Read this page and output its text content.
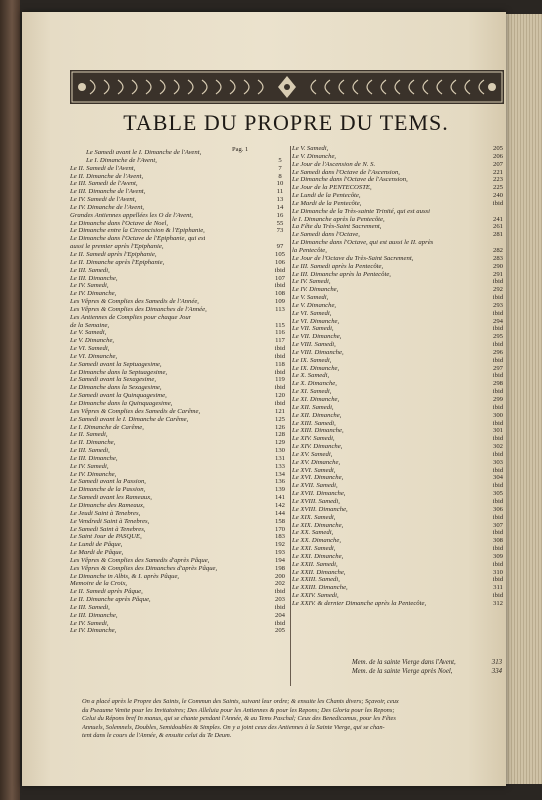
TABLE DU PROPRE DU TEMS.
Pag. 1
Le Samedi avant le I. Dimanche de l'Avent,
Le I. Dimanche de l'Avent,	5
Le II. Samedi de l'Avent,	7
Le II. Dimanche de l'Avent,	8
Le III. Samedi de l'Avent,	10
Le III. Dimanche de l'Avent,	11
Le IV. Samedi de l'Avent,	13
Le IV. Dimanche de l'Avent,	14
Grandes Antiennes appellées les O de l'Avent,	16
Le Dimanche dans l'Octave de Noel,	55
Le Dimanche entre la Circoncision & l'Epiphanie,	73
Le Dimanche dans l'Octave de l'Epiphanie, qui est
aussi le premier après l'Epiphanie,	97
Le II. Samedi après l'Epiphanie,	105
Le II. Dimanche après l'Epiphanie,	106
Le III. Samedi,	ibid
Le III. Dimanche,	107
Le IV. Samedi,	ibid
Le IV. Dimanche,	108
Les Vêpres & Complies des Samedis de l'Année,	109
Les Vêpres & Complies des Dimanches de l'Année,	113
Les Antiennes de Complies pour chaque Jour
de la Semaine,	115
Le V. Samedi,	116
Le V. Dimanche,	117
Le VI. Samedi,	ibid
Le VI. Dimanche,	ibid
Le Samedi avant la Septuagesime,	118
Le Dimanche dans la Septuagesime,	ibid
Le Samedi avant la Sexagesime,	119
Le Dimanche dans la Sexagesime,	ibid
Le Samedi avant la Quinquagesime,	120
Le Dimanche dans la Quinquagesime,	ibid
Les Vêpres & Complies des Samedis de Carême,	121
Le Samedi avant le I. Dimanche de Carême,	125
Le I. Dimanche de Carême,	126
Le II. Samedi,	128
Le II. Dimanche,	129
Le III. Samedi,	130
Le III. Dimanche,	131
Le IV. Samedi,	133
Le IV. Dimanche,	134
Le Samedi avant la Passion,	136
Le Dimanche de la Passion,	139
Le Samedi avant les Rameaux,	141
Le Dimanche des Rameaux,	142
Le Jeudi Saint à Tenebres,	144
Le Vendredi Saint à Tenebres,	158
Le Samedi Saint à Tenebres,	170
Le Saint Jour de PASQUE,	183
Le Lundi de Pâque,	192
Le Mardi de Pâque,	193
Les Vêpres & Complies des Samedis d'après Pâque,	194
Les Vêpres & Complies des Dimanches d'après Pâque,	198
Le Dimanche in Albis, & I. après Pâque,	200
Memoire de la Croix,	202
Le II. Samedi après Pâque,	ibid
Le II. Dimanche après Pâque,	203
Le III. Samedi,	ibid
Le III. Dimanche,	204
Le IV. Samedi,	ibid
Le IV. Dimanche,	205
Le V. Samedi,	205
Le V. Dimanche,	206
Le Jour de l'Ascension de N. S.	207
Le Samedi dans l'Octave de l'Ascension,	221
Le Dimanche dans l'Octave de l'Ascension,	223
Le Jour de la PENTECOSTE,	225
Le Lundi de la Pentecôte,	240
Le Mardi de la Pentecôte,	ibid
Le Dimanche de la Très-sainte Trinité, qui est aussi
le I. Dimanche après la Pentecôte,	241
La Fête du Très-Saint Sacrement,	261
Le Samedi dans l'Octave,	281
Le Dimanche dans l'Octave, qui est aussi le II. après
la Pentecôte,	282
Le Jour de l'Octave du Très-Saint Sacrement,	283
Le III. Samedi après la Pentecôte,	290
Le III. Dimanche après la Pentecôte,	291
Le IV. Samedi,	ibid
Le IV. Dimanche,	292
Le V. Samedi,	ibid
Le V. Dimanche,	293
Le VI. Samedi,	ibid
Le VI. Dimanche,	294
Le VII. Samedi,	ibid
Le VII. Dimanche,	295
Le VIII. Samedi,	ibid
Le VIII. Dimanche,	296
Le IX. Samedi,	ibid
Le IX. Dimanche,	297
Le X. Samedi,	ibid
Le X. Dimanche,	298
Le XI. Samedi,	ibid
Le XI. Dimanche,	299
Le XII. Samedi,	ibid
Le XII. Dimanche,	300
Le XIII. Samedi,	ibid
Le XIII. Dimanche,	301
Le XIV. Samedi,	ibid
Le XIV. Dimanche,	302
Le XV. Samedi,	ibid
Le XV. Dimanche,	303
Le XVI. Samedi,	ibid
Le XVI. Dimanche,	304
Le XVII. Samedi,	ibid
Le XVII. Dimanche,	305
Le XVIII. Samedi,	ibid
Le XVIII. Dimanche,	306
Le XIX. Samedi,	ibid
Le XIX. Dimanche,	307
Le XX. Samedi,	ibid
Le XX. Dimanche,	308
Le XXI. Samedi,	ibid
Le XXI. Dimanche,	309
Le XXII. Samedi,	ibid
Le XXII. Dimanche,	310
Le XXIII. Samedi,	ibid
Le XXIII. Dimanche,	311
Le XXIV. Samedi,	ibid
Le XXIV. & dernier Dimanche après la Pentecôte,	312
Mem. de la sainte Vierge dans l'Avent,	313
Mem. de la sainte Vierge après Noel,	334
On a placé après le Propre des Saints, le Commun des Saints, suivant leur ordre; & ensuite les Chants divers; Sçavoir, ceux
du Pseaume Venite pour les Invitatoires; Des Alleluia pour les Antiennes & pour les Repons; Des Gloria pour les Repons;
Celui du Répons bref In manus, qui se chante pendant l'Année, & au Tems Paschal; Ceux des Benedicamus, pour les Fêtes
Annuels, Solemnels, Doubles, Semidoubles & Simples. On y a joint ceux des Antiennes à la Sainte Vierge, qui se chan-
tent dans le cours de l'Année, & ensuite celui du Te Deum.
